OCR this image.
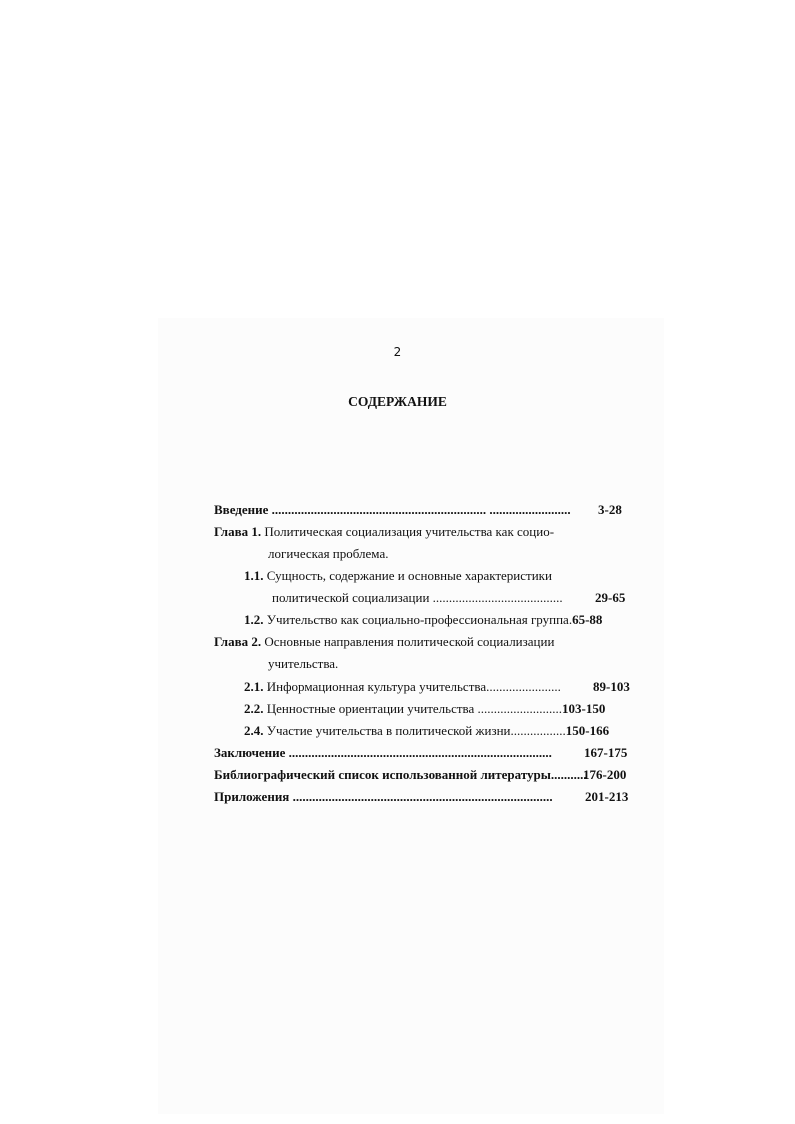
2
СОДЕРЖАНИЕ
Введение .................................................................. ......................... 3-28
Глава 1. Политическая социализация учительства как социо-
логическая проблема.
1.1. Сущность, содержание и основные характеристики
политической социализации ........................................ 29-65
1.2. Учительство как социально-профессиональная группа.65-88
Глава 2. Основные направления политической социализации
учительства.
2.1. Информационная культура учительства....................... 89-103
2.2. Ценностные ориентации учительства ..........................103-150
2.4. Участие учительства в политической жизни.................150-166
Заключение ................................................................................. 167-175
Библиографический список использованной литературы...........
176-200
Приложения ................................................................................ 201-213
